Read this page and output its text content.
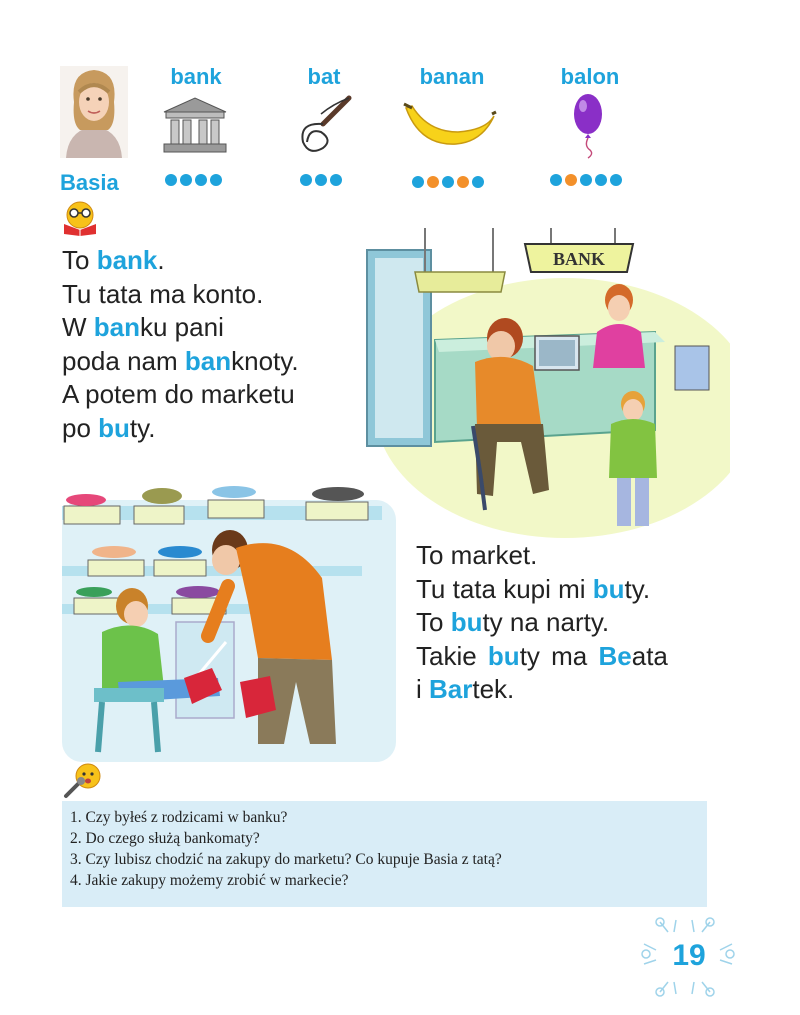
bank	bat	banan	balon
Basia
To bank.
Tu tata ma konto.
W banku pani
poda nam banknoty.
A potem do marketu
po buty.
BANK
To market.
Tu tata kupi mi buty.
To buty na narty.
Takie buty ma Beata
i Bartek.
1. Czy byłeś z rodzicami w banku?
2. Do czego służą bankomaty?
3. Czy lubisz chodzić na zakupy do marketu? Co kupuje Basia z tatą?
4. Jakie zakupy możemy zrobić w markecie?
19
